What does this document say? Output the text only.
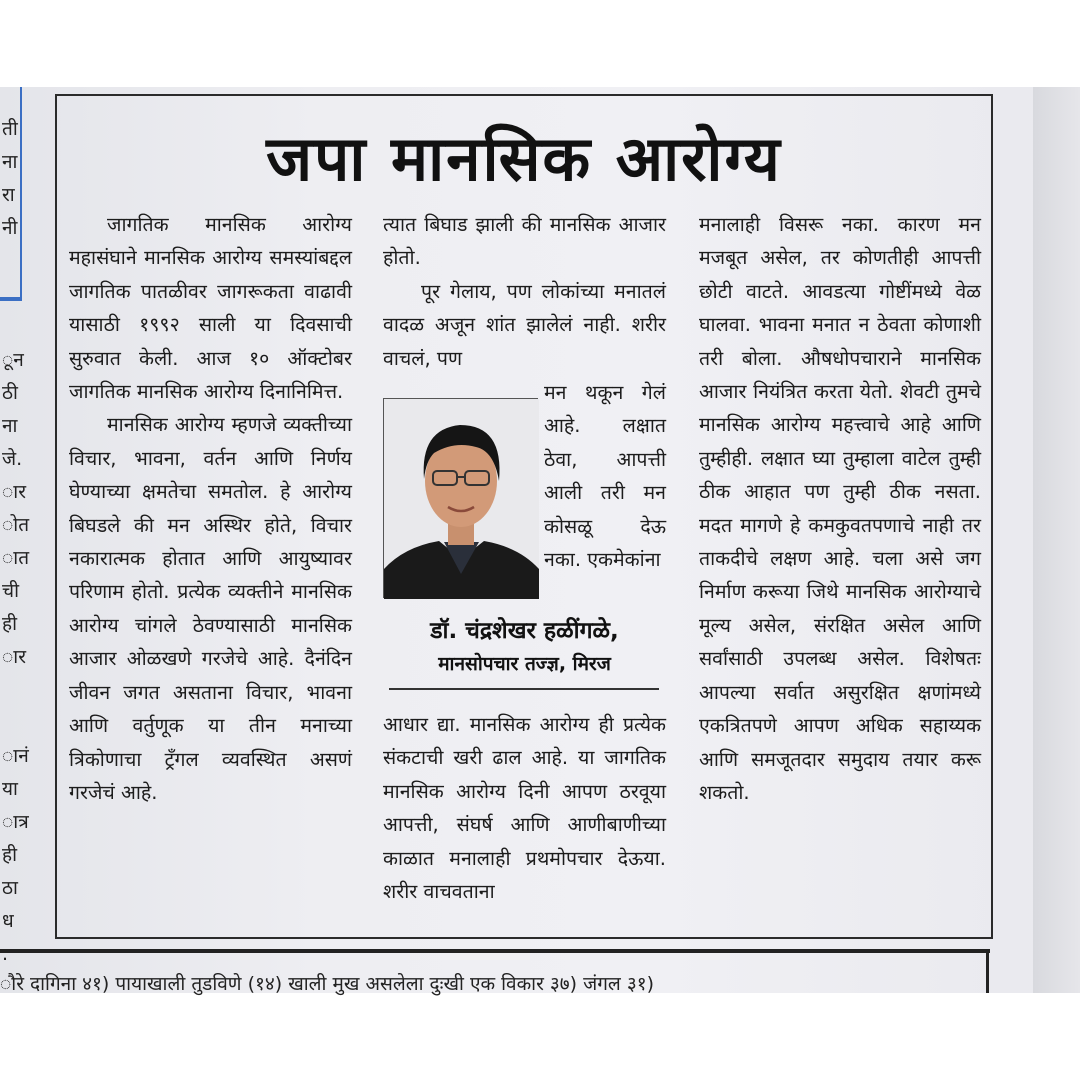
ती
ना
रा
नी
ून
ठी
ना
जे.
ार
ोत
ात
ची
ही
ार
ानं
या
ात्र
ही
ठा
ध
.
जपा मानसिक आरोग्य
जागतिक मानसिक आरोग्य महासंघाने मानसिक आरोग्य समस्यांबद्दल जागतिक पातळीवर जागरूकता वाढावी यासाठी १९९२ साली या दिवसाची सुरुवात केली. आज १० ऑक्टोबर जागतिक मानसिक आरोग्य दिनानिमित्त.
मानसिक आरोग्य म्हणजे व्यक्तीच्या विचार, भावना, वर्तन आणि निर्णय घेण्याच्या क्षमतेचा समतोल. हे आरोग्य बिघडले की मन अस्थिर होते, विचार नकारात्मक होतात आणि आयुष्यावर परिणाम होतो. प्रत्येक व्यक्तीने मानसिक आरोग्य चांगले ठेवण्यासाठी मानसिक आजार ओळखणे गरजेचे आहे. दैनंदिन जीवन जगत असताना विचार, भावना आणि वर्तुणूक या तीन मनाच्या त्रिकोणाचा ट्रॅंगल व्यवस्थित असणं गरजेचं आहे.
त्यात बिघाड झाली की मानसिक आजार होतो.
पूर गेलाय, पण लोकांच्या मनातलं वादळ अजून शांत झालेलं नाही. शरीर वाचलं, पण
मन थकून गेलं आहे. लक्षात ठेवा, आपत्ती आली तरी मन कोसळू देऊ नका. एकमेकांना
डॉ. चंद्रशेखर हळींगळे,
मानसोपचार तज्ज्ञ, मिरज
आधार द्या. मानसिक आरोग्य ही प्रत्येक संकटाची खरी ढाल आहे. या जागतिक मानसिक आरोग्य दिनी आपण ठरवूया आपत्ती, संघर्ष आणि आणीबाणीच्या काळात मनालाही प्रथमोपचार देऊया. शरीर वाचवताना
मनालाही विसरू नका. कारण मन मजबूत असेल, तर कोणतीही आपत्ती छोटी वाटते. आवडत्या गोष्टींमध्ये वेळ घालवा. भावना मनात न ठेवता कोणाशी तरी बोला. औषधोपचाराने मानसिक आजार नियंत्रित करता येतो. शेवटी तुमचे मानसिक आरोग्य महत्त्वाचे आहे आणि तुम्हीही. लक्षात घ्या तुम्हाला वाटेल तुम्ही ठीक आहात पण तुम्ही ठीक नसता. मदत मागणे हे कमकुवतपणाचे नाही तर ताकदीचे लक्षण आहे. चला असे जग निर्माण करूया जिथे मानसिक आरोग्याचे मूल्य असेल, संरक्षित असेल आणि सर्वांसाठी उपलब्ध असेल. विशेषतः आपल्या सर्वात असुरक्षित क्षणांमध्ये एकत्रितपणे आपण अधिक सहाय्यक आणि समजूतदार समुदाय तयार करू शकतो.
ौरे दागिना ४१) पायाखाली तुडविणे (१४) खाली मुख असलेला दुःखी एक विकार ३७) जंगल ३१)
